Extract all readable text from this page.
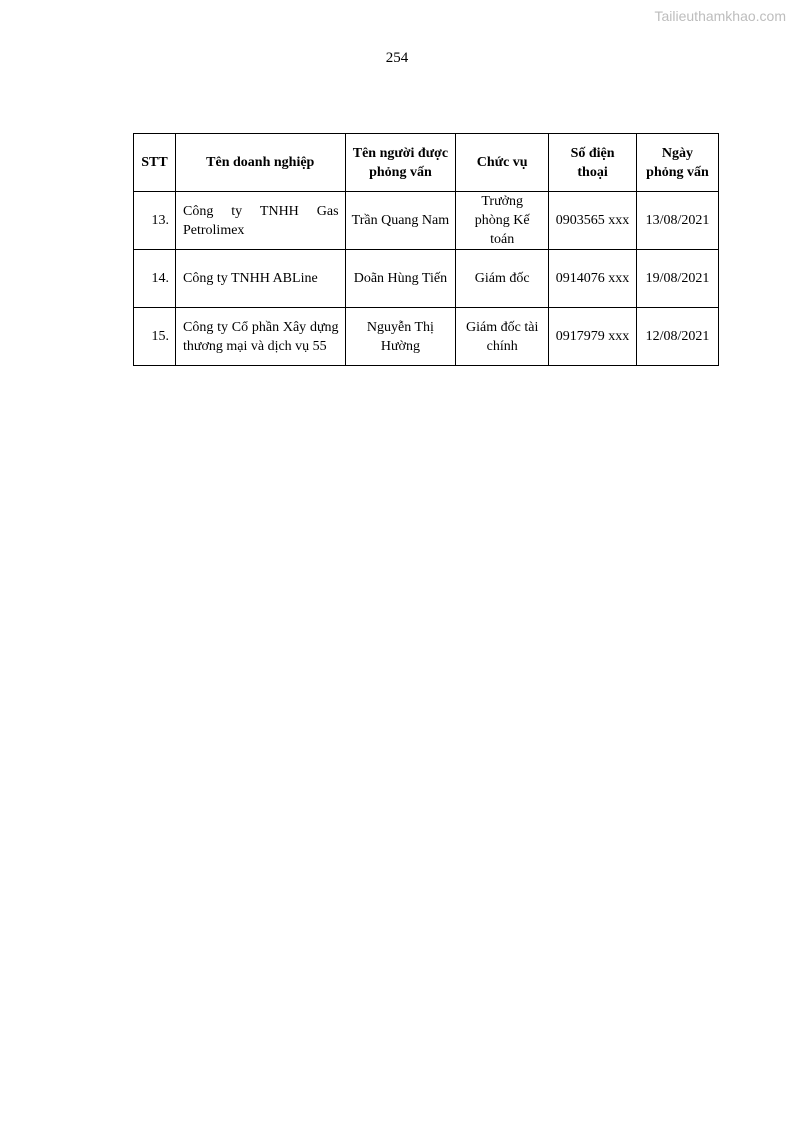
Tailieuthamkhao.com
254
STT	Tên doanh nghiệp	Tên người được phỏng vấn	Chức vụ	Số điện thoại	Ngày phỏng vấn
13.	Công ty TNHH Gas Petrolimex	Trần Quang Nam	Trưởng phòng Kế toán	0903565 xxx	13/08/2021
14.	Công ty TNHH ABLine	Doãn Hùng Tiến	Giám đốc	0914076 xxx	19/08/2021
15.	Công ty Cổ phần Xây dựng thương mại và dịch vụ 55	Nguyễn Thị Hường	Giám đốc tài chính	0917979 xxx	12/08/2021
